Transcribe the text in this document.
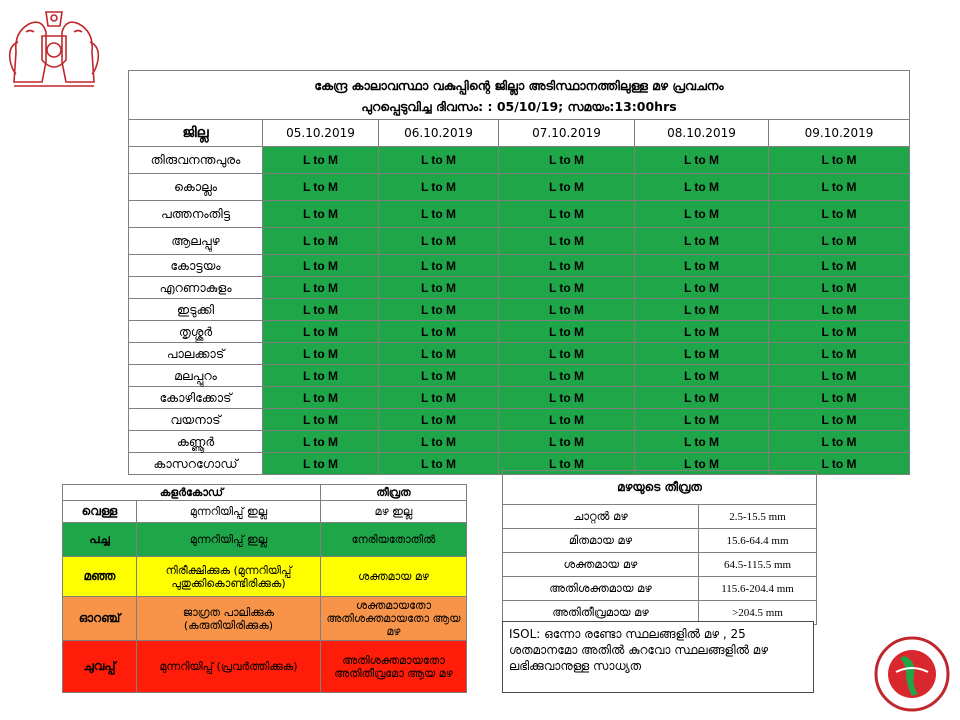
കേന്ദ്ര കാലാവസ്ഥാ വകുപ്പിന്റെ ജില്ലാ അടിസ്ഥാനത്തിലുള്ള മഴ പ്രവചനം
പുറപ്പെടുവിച്ച ദിവസം: : 05/10/19; സമയം:13:00hrs					

ജില്ല	05.10.2019	06.10.2019	07.10.2019	08.10.2019	09.10.2019
തിരുവനന്തപുരം	L to M	L to M	L to M	L to M	L to M
കൊല്ലം	L to M	L to M	L to M	L to M	L to M
പത്തനംതിട്ട	L to M	L to M	L to M	L to M	L to M
ആലപ്പുഴ	L to M	L to M	L to M	L to M	L to M
കോട്ടയം	L to M	L to M	L to M	L to M	L to M
എറണാകുളം	L to M	L to M	L to M	L to M	L to M
ഇടുക്കി	L to M	L to M	L to M	L to M	L to M
തൃശ്ശൂർ	L to M	L to M	L to M	L to M	L to M
പാലക്കാട്	L to M	L to M	L to M	L to M	L to M
മലപ്പുറം	L to M	L to M	L to M	L to M	L to M
കോഴിക്കോട്	L to M	L to M	L to M	L to M	L to M
വയനാട്	L to M	L to M	L to M	L to M	L to M
കണ്ണൂർ	L to M	L to M	L to M	L to M	L to M
കാസറഗോഡ്	L to M	L to M	L to M	L to M	L to M
കളർകോഡ്		തീവ്രത
വെള്ള	മുന്നറിയിപ്പ് ഇല്ല	മഴ ഇല്ല
പച്ച	മുന്നറിയിപ്പ് ഇല്ല	നേരിയതോതിൽ
മഞ്ഞ	നിരീക്ഷിക്കുക (മുന്നറിയിപ്പ് പുതുക്കികൊണ്ടിരിക്കുക)	ശക്തമായ മഴ
ഓറഞ്ച്	ജാഗ്രത പാലിക്കുക (കരുതിയിരിക്കുക)	ശക്തമായതോ അതിശക്തമായതോ ആയ മഴ
ചുവപ്പ്	മുന്നറിയിപ്പ് (പ്രവർത്തിക്കുക)	അതിശക്തമായതോ അതിതീവ്രമോ ആയ മഴ
മഴയുടെ തീവ്രത	
ചാറ്റൽ മഴ	2.5-15.5 mm
മിതമായ മഴ	15.6-64.4 mm
ശക്തമായ മഴ	64.5-115.5 mm
അതിശക്തമായ മഴ	115.6-204.4 mm
അതിതീവ്രമായ മഴ	>204.5 mm
ISOL: ഒന്നോ രണ്ടോ സ്ഥലങ്ങളിൽ മഴ , 25 ശതമാനമോ അതിൽ കുറവോ സ്ഥലങ്ങളിൽ മഴ ലഭിക്കുവാനുള്ള സാധ്യത
